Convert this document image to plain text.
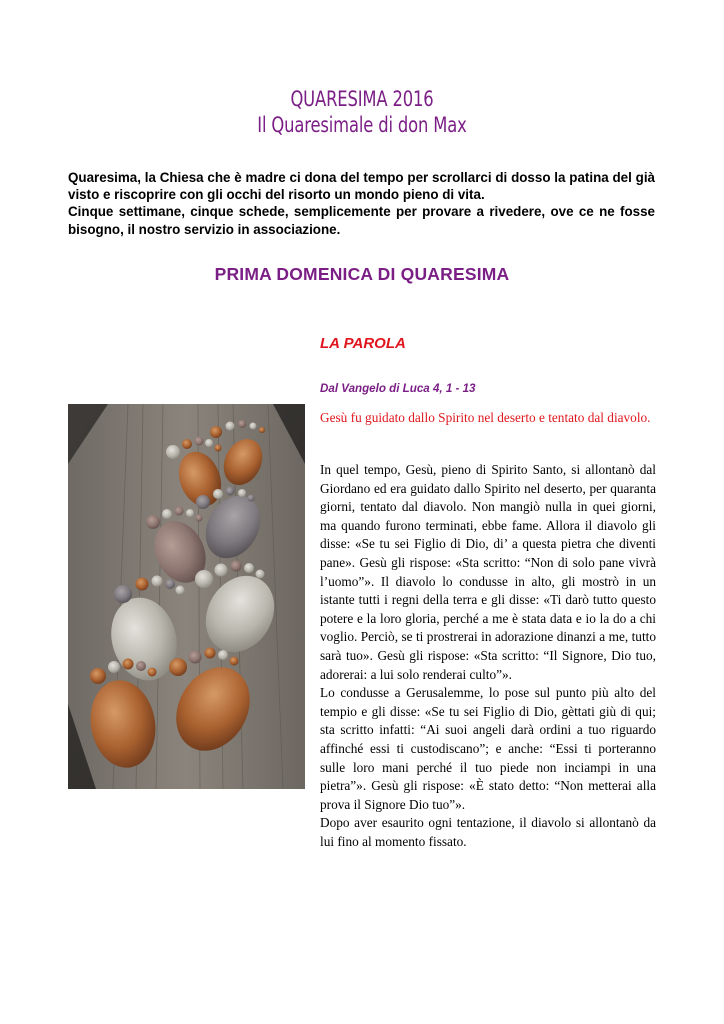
QUARESIMA 2016
Il Quaresimale di don Max

Quaresima, la Chiesa che è madre ci dona del tempo per scrollarci di dosso la patina del già visto e riscoprire con gli occhi del risorto un mondo pieno di vita.

Cinque settimane, cinque schede, semplicemente per provare a rivedere, ove ce ne fosse bisogno, il nostro servizio in associazione.

PRIMA DOMENICA DI QUARESIMA
LA PAROLA
Dal Vangelo di Luca 4, 1 - 13
Gesù fu guidato dallo Spirito nel deserto e tentato dal diavolo.

In quel tempo, Gesù, pieno di Spirito Santo, si allontanò dal Giordano ed era guidato dallo Spirito nel deserto, per quaranta giorni, tentato dal diavolo. Non mangiò nulla in quei giorni, ma quando furono terminati, ebbe fame. Allora il diavolo gli disse: «Se tu sei Figlio di Dio, di’ a questa pietra che diventi pane». Gesù gli rispose: «Sta scritto: “Non di solo pane vivrà l’uomo”». Il diavolo lo condusse in alto, gli mostrò in un istante tutti i regni della terra e gli disse: «Ti darò tutto questo potere e la loro gloria, perché a me è stata data e io la do a chi voglio. Perciò, se ti prostrerai in adorazione dinanzi a me, tutto sarà tuo». Gesù gli rispose: «Sta scritto: “Il Signore, Dio tuo, adorerai: a lui solo renderai culto”».

Lo condusse a Gerusalemme, lo pose sul punto più alto del tempio e gli disse: «Se tu sei Figlio di Dio, gèttati giù di qui; sta scritto infatti: “Ai suoi angeli darà ordini a tuo riguardo affinché essi ti custodiscano”; e anche: “Essi ti porteranno sulle loro mani perché il tuo piede non inciampi in una pietra”». Gesù gli rispose: «È stato detto: “Non metterai alla prova il Signore Dio tuo”».

Dopo aver esaurito ogni tentazione, il diavolo si allontanò da lui fino al momento fissato.
